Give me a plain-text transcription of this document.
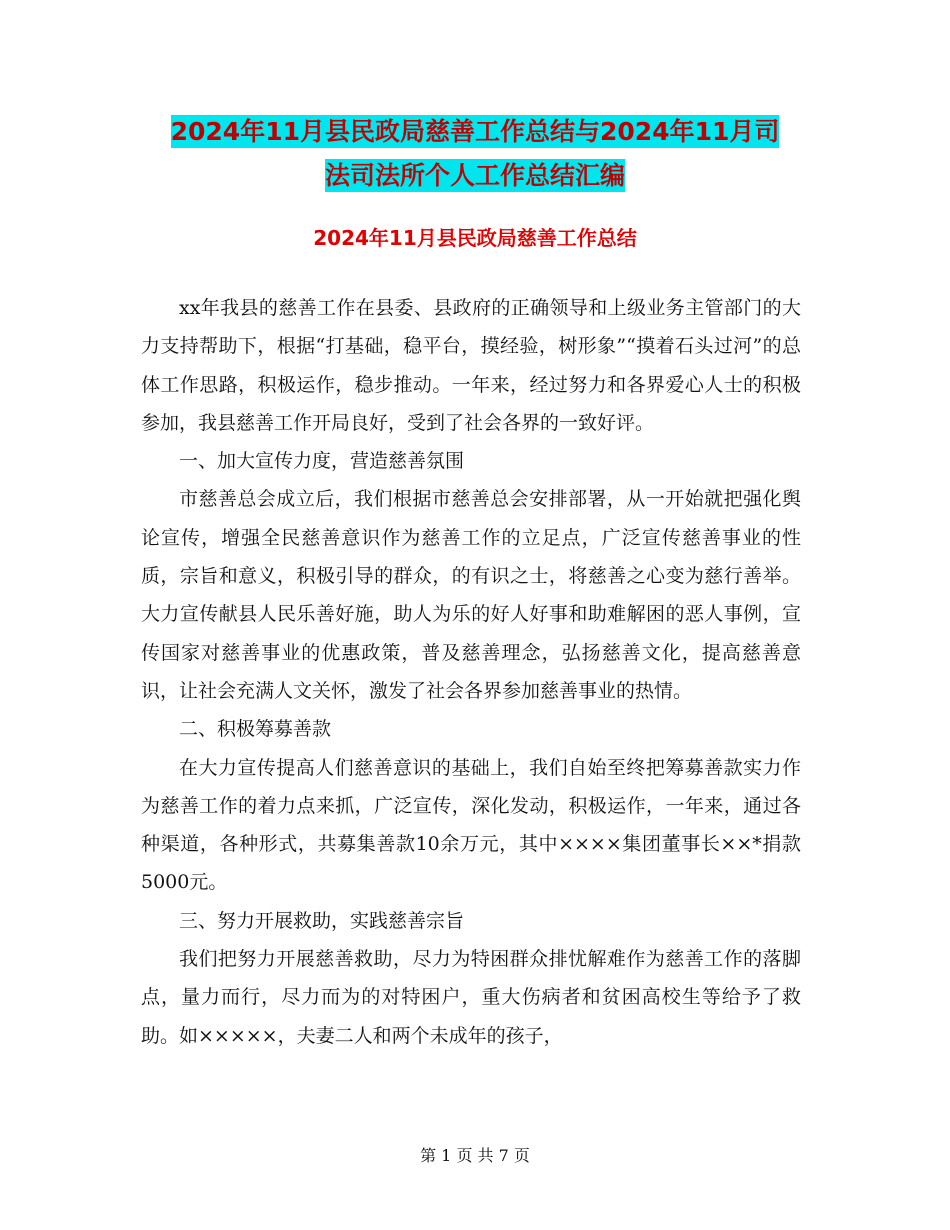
2024年11月县民政局慈善工作总结与2024年11月司
法司法所个人工作总结汇编
2024年11月县民政局慈善工作总结

xx年我县的慈善工作在县委、县政府的正确领导和上级业务主管部门的大力支持帮助下，根据“打基础，稳平台，摸经验，树形象”“摸着石头过河”的总体工作思路，积极运作，稳步推动。一年来，经过努力和各界爱心人士的积极参加，我县慈善工作开局良好，受到了社会各界的一致好评。

一、加大宣传力度，营造慈善氛围

市慈善总会成立后，我们根据市慈善总会安排部署，从一开始就把强化舆论宣传，增强全民慈善意识作为慈善工作的立足点，广泛宣传慈善事业的性质，宗旨和意义，积极引导的群众，的有识之士，将慈善之心变为慈行善举。大力宣传献县人民乐善好施，助人为乐的好人好事和助难解困的恶人事例，宣传国家对慈善事业的优惠政策，普及慈善理念，弘扬慈善文化，提高慈善意识，让社会充满人文关怀，激发了社会各界参加慈善事业的热情。

二、积极筹募善款

在大力宣传提高人们慈善意识的基础上，我们自始至终把筹募善款实力作为慈善工作的着力点来抓，广泛宣传，深化发动，积极运作，一年来，通过各种渠道，各种形式，共募集善款10余万元，其中××××集团董事长××*捐款5000元。

三、努力开展救助，实践慈善宗旨

我们把努力开展慈善救助，尽力为特困群众排忧解难作为慈善工作的落脚点，量力而行，尽力而为的对特困户，重大伤病者和贫困高校生等给予了救助。如×××××，夫妻二人和两个未成年的孩子，

第 1 页 共 7 页
